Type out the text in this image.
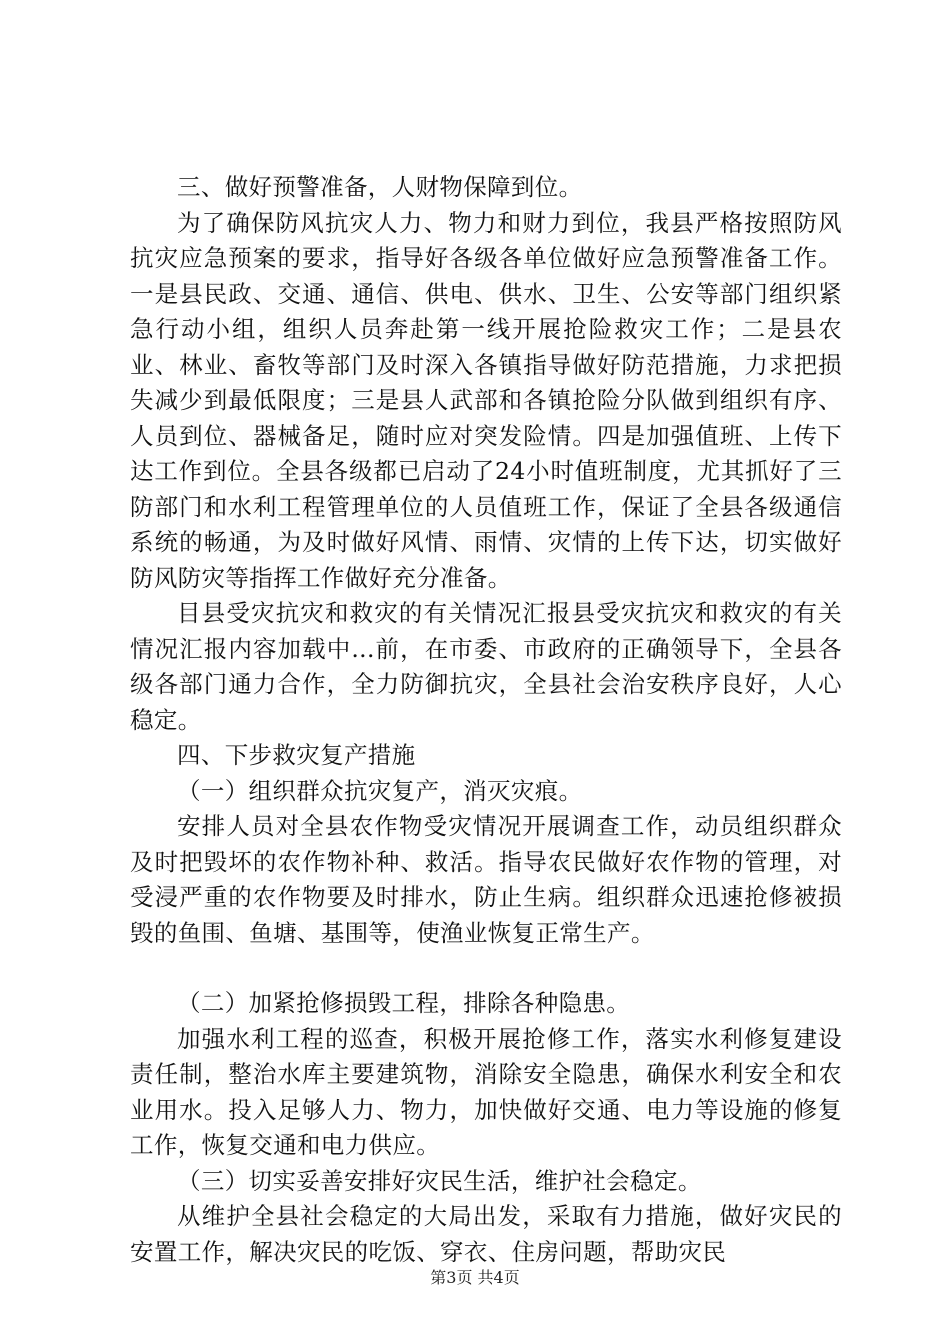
三、做好预警准备，人财物保障到位。

为了确保防风抗灾人力、物力和财力到位，我县严格按照防风抗灾应急预案的要求，指导好各级各单位做好应急预警准备工作。一是县民政、交通、通信、供电、供水、卫生、公安等部门组织紧急行动小组，组织人员奔赴第一线开展抢险救灾工作；二是县农业、林业、畜牧等部门及时深入各镇指导做好防范措施，力求把损失减少到最低限度；三是县人武部和各镇抢险分队做到组织有序、人员到位、器械备足，随时应对突发险情。四是加强值班、上传下达工作到位。全县各级都已启动了24小时值班制度，尤其抓好了三防部门和水利工程管理单位的人员值班工作，保证了全县各级通信系统的畅通，为及时做好风情、雨情、灾情的上传下达，切实做好防风防灾等指挥工作做好充分准备。

目县受灾抗灾和救灾的有关情况汇报县受灾抗灾和救灾的有关情况汇报内容加载中...前，在市委、市政府的正确领导下，全县各级各部门通力合作，全力防御抗灾，全县社会治安秩序良好，人心稳定。

四、下步救灾复产措施

（一）组织群众抗灾复产，消灭灾痕。

安排人员对全县农作物受灾情况开展调查工作，动员组织群众及时把毁坏的农作物补种、救活。指导农民做好农作物的管理，对受浸严重的农作物要及时排水，防止生病。组织群众迅速抢修被损毁的鱼围、鱼塘、基围等，使渔业恢复正常生产。

（二）加紧抢修损毁工程，排除各种隐患。

加强水利工程的巡查，积极开展抢修工作，落实水利修复建设责任制，整治水库主要建筑物，消除安全隐患，确保水利安全和农业用水。投入足够人力、物力，加快做好交通、电力等设施的修复工作，恢复交通和电力供应。

（三）切实妥善安排好灾民生活，维护社会稳定。

从维护全县社会稳定的大局出发，采取有力措施，做好灾民的安置工作，解决灾民的吃饭、穿衣、住房问题，帮助灾民

第3页 共4页
